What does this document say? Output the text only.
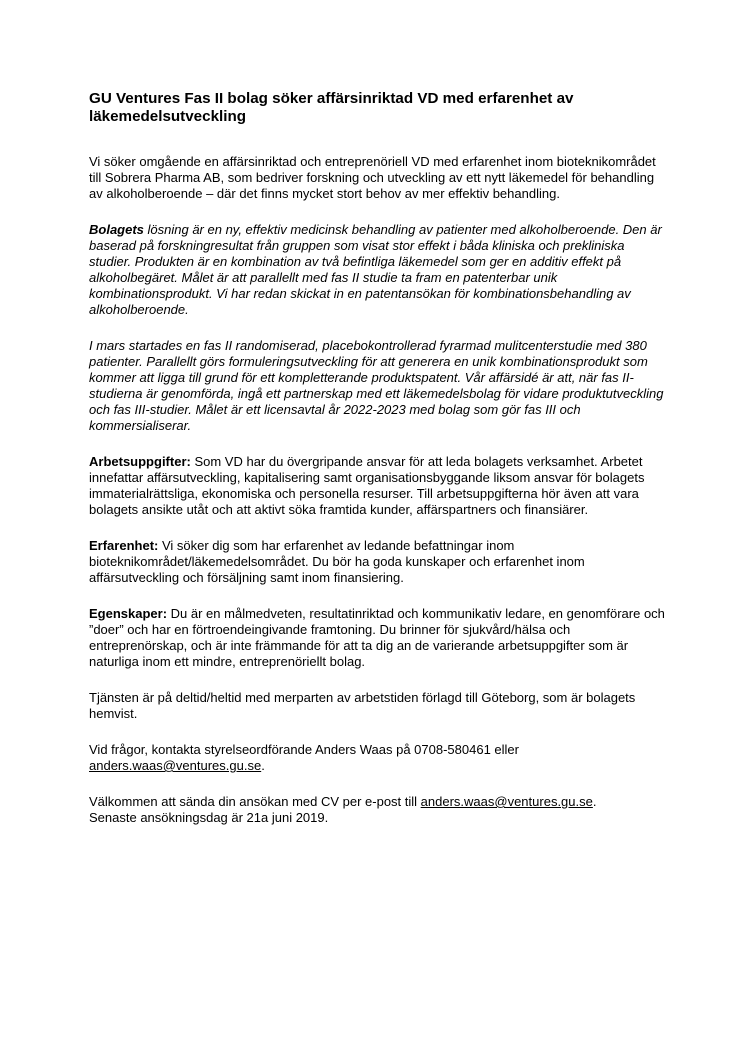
GU Ventures Fas II bolag söker affärsinriktad VD med erfarenhet av läkemedelsutveckling

Vi söker omgående en affärsinriktad och entreprenöriell VD med erfarenhet inom bioteknikområdet till Sobrera Pharma AB, som bedriver forskning och utveckling av ett nytt läkemedel för behandling av alkoholberoende – där det finns mycket stort behov av mer effektiv behandling.

Bolagets lösning är en ny, effektiv medicinsk behandling av patienter med alkoholberoende. Den är baserad på forskningresultat från gruppen som visat stor effekt i båda kliniska och prekliniska studier. Produkten är en kombination av två befintliga läkemedel som ger en additiv effekt på alkoholbegäret. Målet är att parallellt med fas II studie ta fram en patenterbar unik kombinationsprodukt. Vi har redan skickat in en patentansökan för kombinationsbehandling av alkoholberoende.

I mars startades en fas II randomiserad, placebokontrollerad fyrarmad mulitcenterstudie med 380 patienter. Parallellt görs formuleringsutveckling för att generera en unik kombinationsprodukt som kommer att ligga till grund för ett kompletterande produktspatent. Vår affärsidé är att, när fas II-studierna är genomförda, ingå ett partnerskap med ett läkemedelsbolag för vidare produktutveckling och fas III-studier. Målet är ett licensavtal år 2022-2023 med bolag som gör fas III och kommersialiserar.

Arbetsuppgifter: Som VD har du övergripande ansvar för att leda bolagets verksamhet. Arbetet innefattar affärsutveckling, kapitalisering samt organisationsbyggande liksom ansvar för bolagets immaterialrättsliga, ekonomiska och personella resurser. Till arbetsuppgifterna hör även att vara bolagets ansikte utåt och att aktivt söka framtida kunder, affärspartners och finansiärer.

Erfarenhet: Vi söker dig som har erfarenhet av ledande befattningar inom bioteknikområdet/läkemedelsområdet. Du bör ha goda kunskaper och erfarenhet inom affärsutveckling och försäljning samt inom finansiering.

Egenskaper: Du är en målmedveten, resultatinriktad och kommunikativ ledare, en genomförare och ”doer” och har en förtroendeingivande framtoning. Du brinner för sjukvård/hälsa och entreprenörskap, och är inte främmande för att ta dig an de varierande arbetsuppgifter som är naturliga inom ett mindre, entreprenöriellt bolag.

Tjänsten är på deltid/heltid med merparten av arbetstiden förlagd till Göteborg, som är bolagets hemvist.

Vid frågor, kontakta styrelseordförande Anders Waas på 0708-580461 eller anders.waas@ventures.gu.se.

Välkommen att sända din ansökan med CV per e-post till anders.waas@ventures.gu.se.
Senaste ansökningsdag är 21a juni 2019.
